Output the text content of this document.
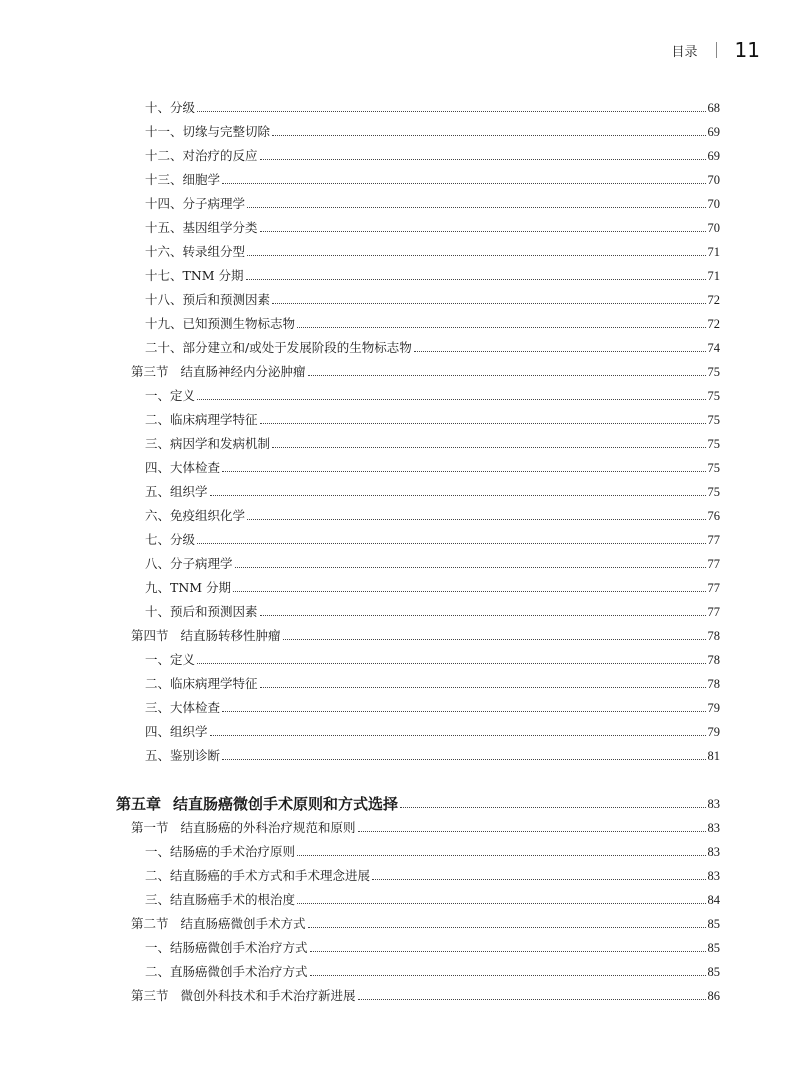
目录 11
十、分级	68
十一、切缘与完整切除	69
十二、对治疗的反应	69
十三、细胞学	70
十四、分子病理学	70
十五、基因组学分类	70
十六、转录组分型	71
十七、TNM 分期	71
十八、预后和预测因素	72
十九、已知预测生物标志物	72
二十、部分建立和/或处于发展阶段的生物标志物	74
第三节 结直肠神经内分泌肿瘤	75
一、定义	75
二、临床病理学特征	75
三、病因学和发病机制	75
四、大体检查	75
五、组织学	75
六、免疫组织化学	76
七、分级	77
八、分子病理学	77
九、TNM 分期	77
十、预后和预测因素	77
第四节 结直肠转移性肿瘤	78
一、定义	78
二、临床病理学特征	78
三、大体检查	79
四、组织学	79
五、鉴别诊断	81
第五章 结直肠癌微创手术原则和方式选择	83
第一节 结直肠癌的外科治疗规范和原则	83
一、结肠癌的手术治疗原则	83
二、结直肠癌的手术方式和手术理念进展	83
三、结直肠癌手术的根治度	84
第二节 结直肠癌微创手术方式	85
一、结肠癌微创手术治疗方式	85
二、直肠癌微创手术治疗方式	85
第三节 微创外科技术和手术治疗新进展	86
